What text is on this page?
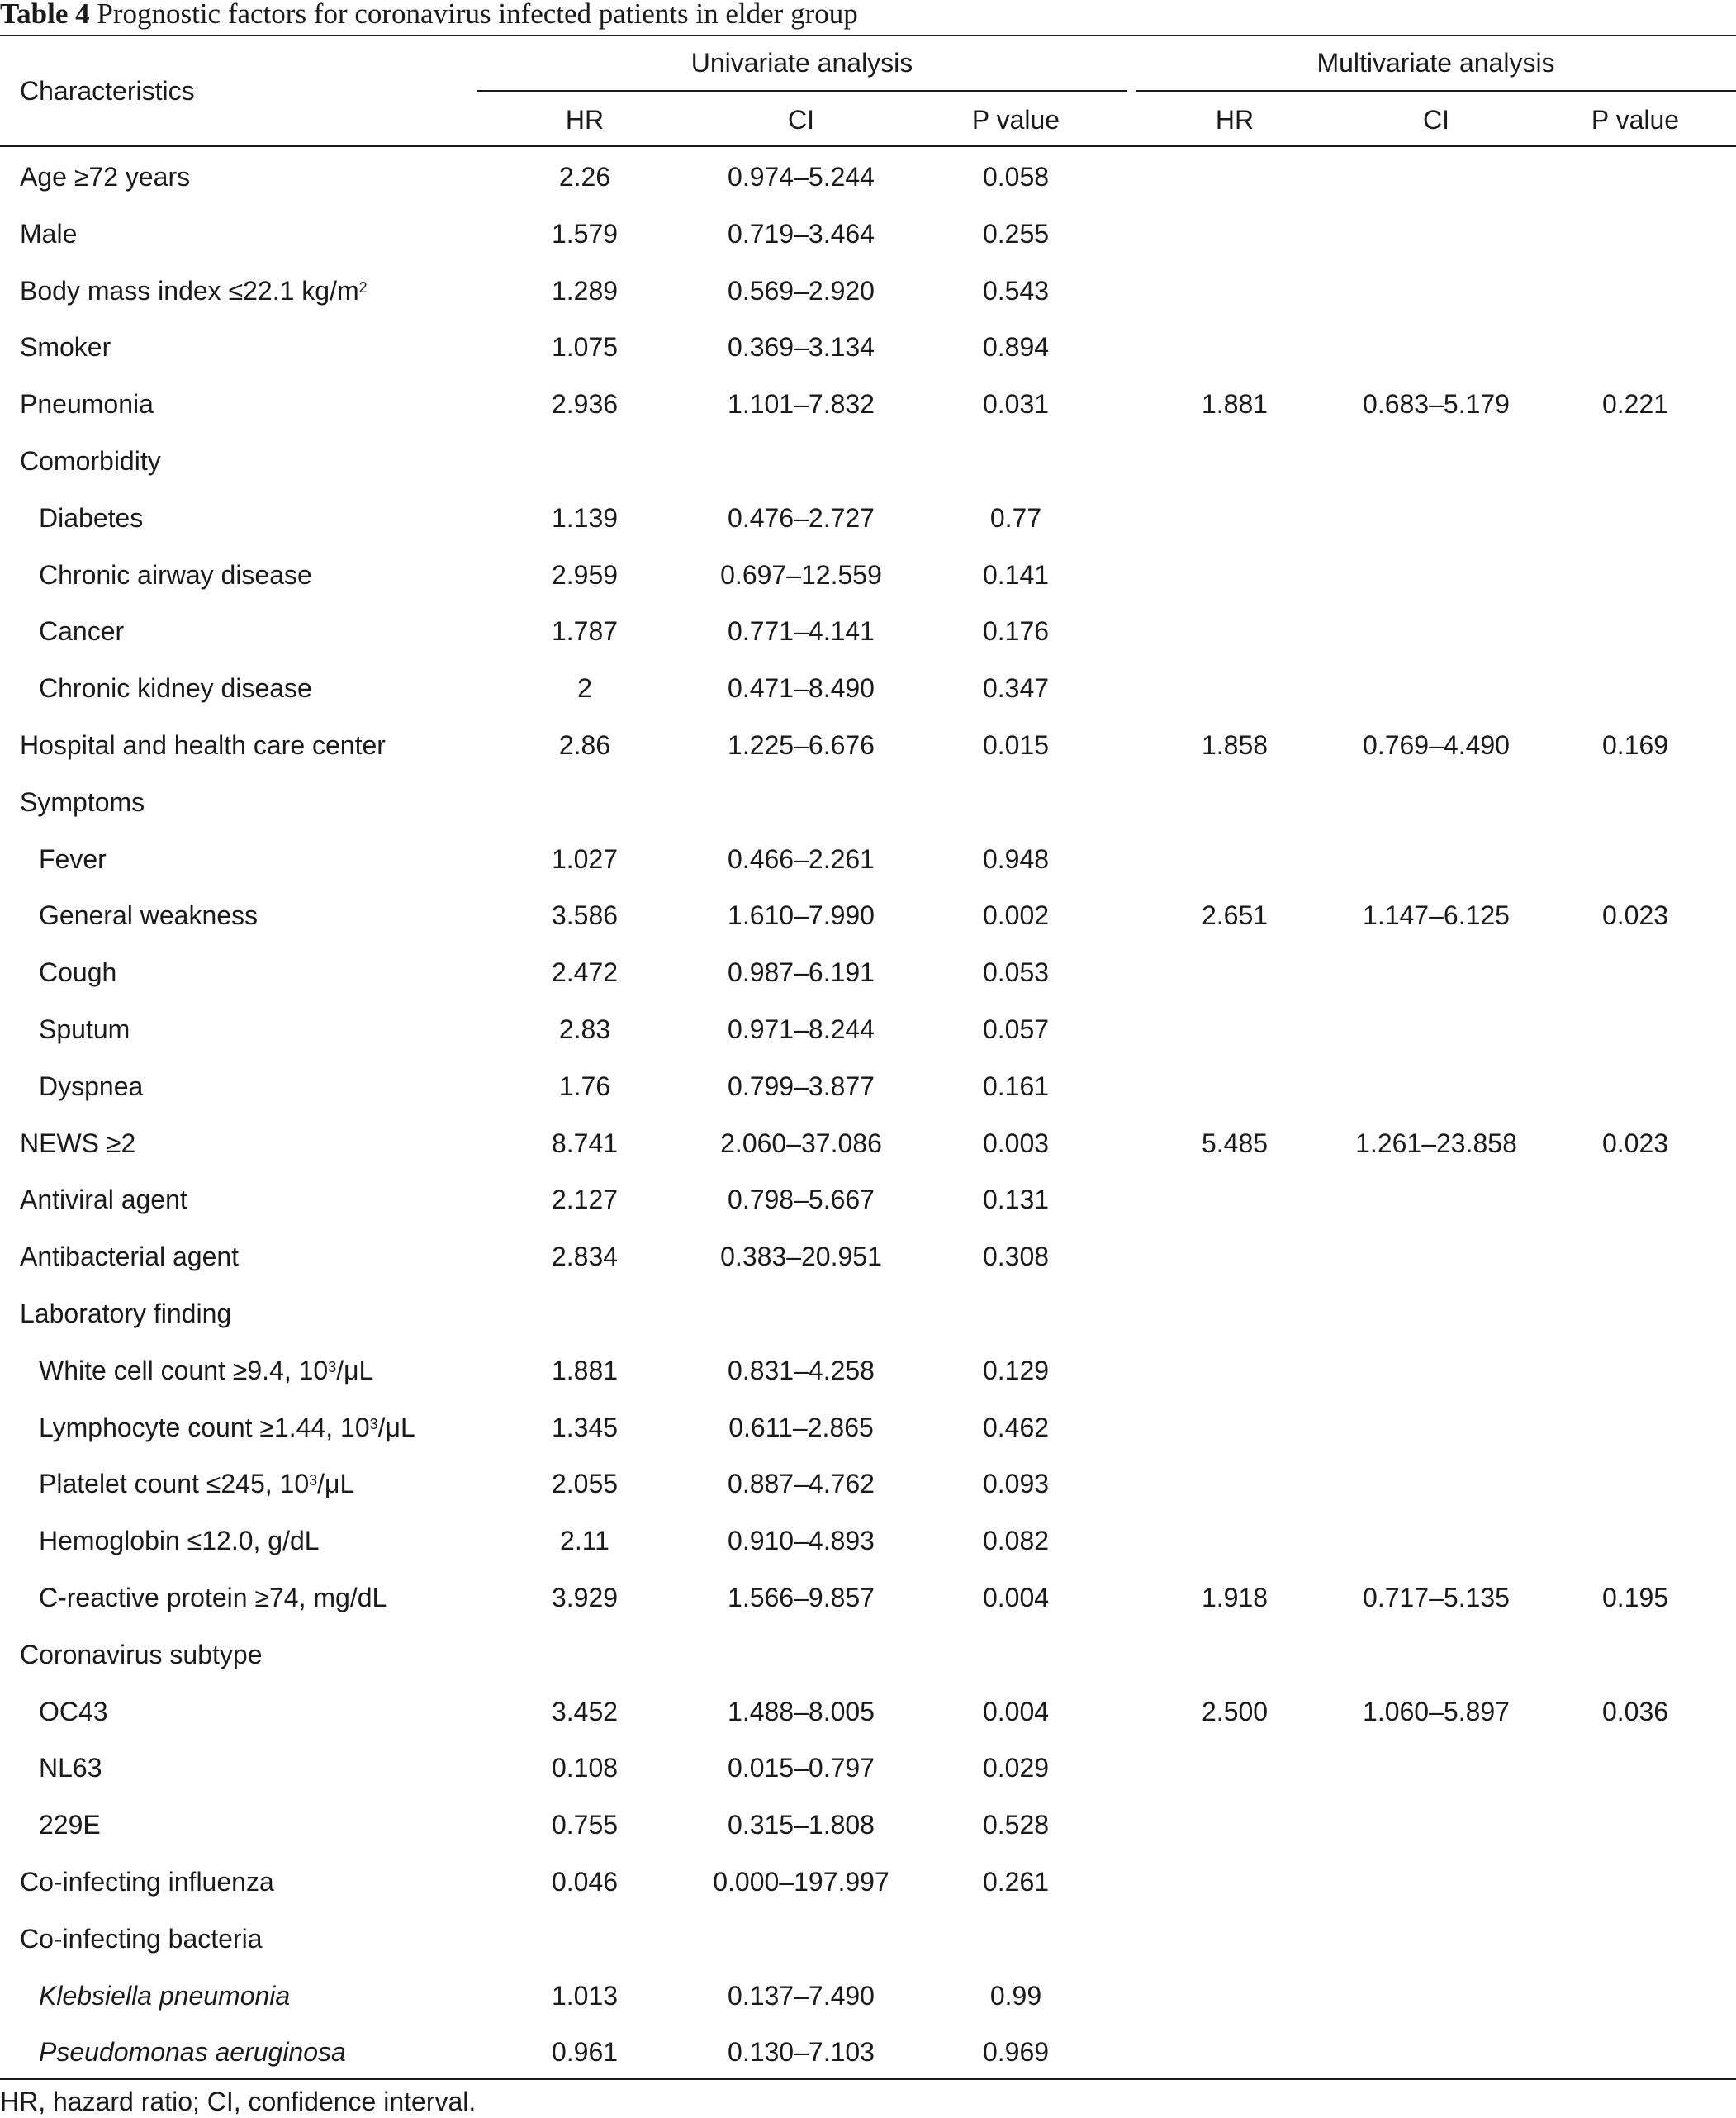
Table 4 Prognostic factors for coronavirus infected patients in elder group
Characteristics
Univariate analysis	Multivariate analysis
HR	CI	P value	HR	CI	P value
Age ≥72 years	2.26	0.974–5.244	0.058
Male	1.579	0.719–3.464	0.255
Body mass index ≤22.1 $kg/m^2$	1.289	0.569–2.920	0.543
Smoker	1.075	0.369–3.134	0.894
Pneumonia	2.936	1.101–7.832	0.031	1.881	0.683–5.179	0.221
Comorbidity
Diabetes	1.139	0.476–2.727	0.77
Chronic airway disease	2.959	0.697–12.559	0.141
Cancer	1.787	0.771–4.141	0.176
Chronic kidney disease	2	0.471–8.490	0.347
Hospital and health care center	2.86	1.225–6.676	0.015	1.858	0.769–4.490	0.169
Symptoms
Fever	1.027	0.466–2.261	0.948
General weakness	3.586	1.610–7.990	0.002	2.651	1.147–6.125	0.023
Cough	2.472	0.987–6.191	0.053
Sputum	2.83	0.971–8.244	0.057
Dyspnea	1.76	0.799–3.877	0.161
NEWS ≥2	8.741	2.060–37.086	0.003	5.485	1.261–23.858	0.023
Antiviral agent	2.127	0.798–5.667	0.131
Antibacterial agent	2.834	0.383–20.951	0.308
Laboratory finding
White cell count ≥9.4, $10^3/\mu L$	1.881	0.831–4.258	0.129
Lymphocyte count ≥1.44, $10^3/\mu L$	1.345	0.611–2.865	0.462
Platelet count ≤245, $10^3/\mu L$	2.055	0.887–4.762	0.093
Hemoglobin ≤12.0, g/dL	2.11	0.910–4.893	0.082
C-reactive protein ≥74, mg/dL	3.929	1.566–9.857	0.004	1.918	0.717–5.135	0.195
Coronavirus subtype
OC43	3.452	1.488–8.005	0.004	2.500	1.060–5.897	0.036
NL63	0.108	0.015–0.797	0.029
229E	0.755	0.315–1.808	0.528
Co-infecting influenza	0.046	0.000–197.997	0.261
Co-infecting bacteria
Klebsiella pneumonia	1.013	0.137–7.490	0.99
Pseudomonas aeruginosa	0.961	0.130–7.103	0.969
HR, hazard ratio; CI, confidence interval.
